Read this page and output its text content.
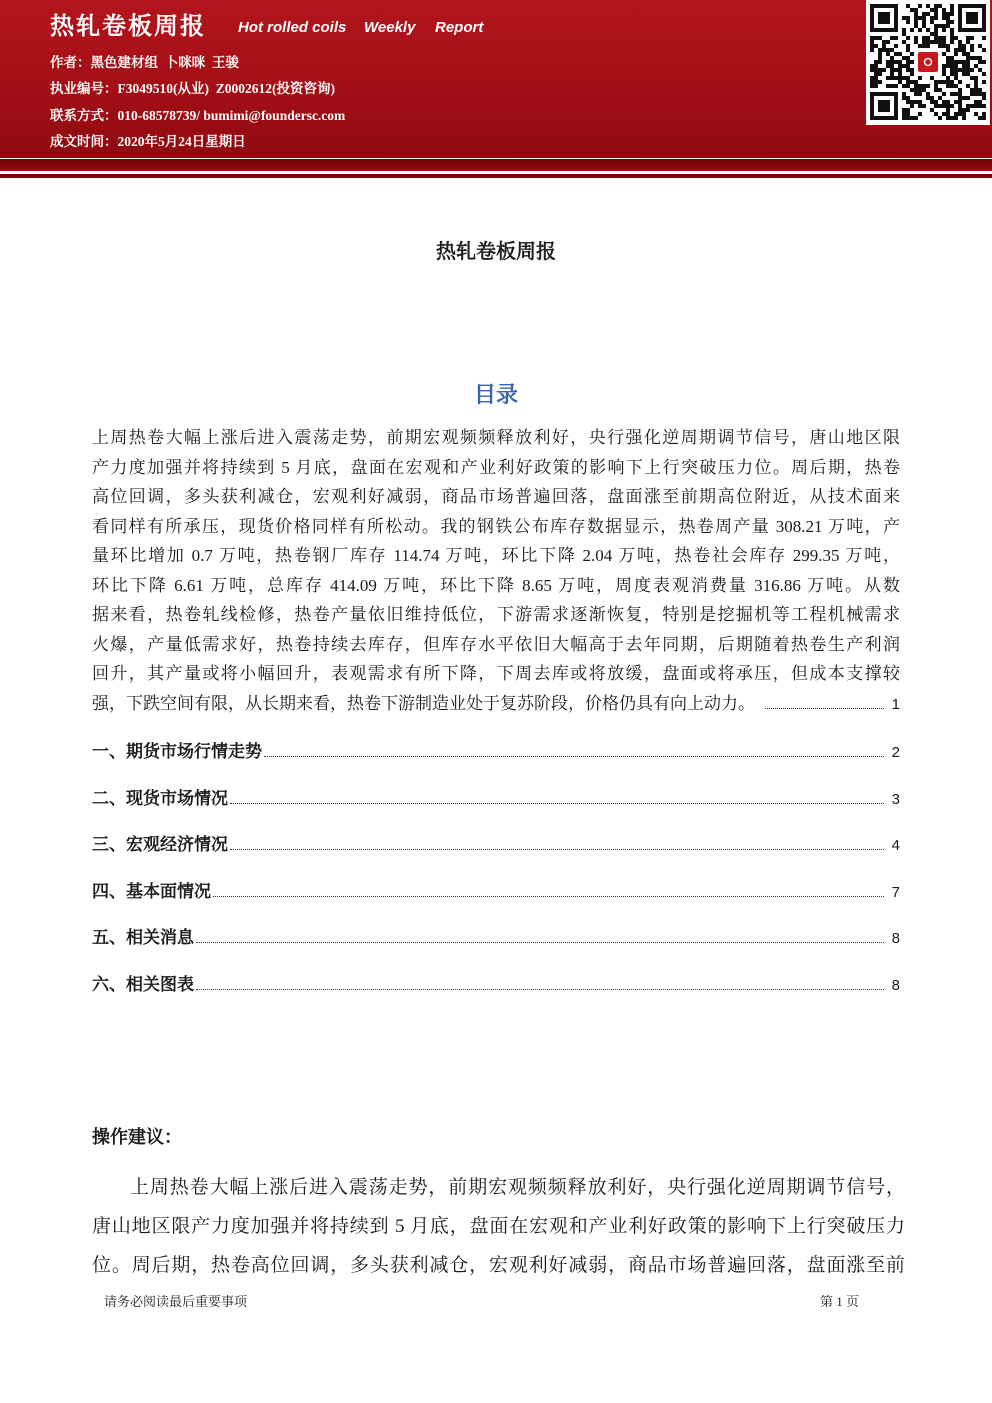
热轧卷板周报 Hot rolled coils Weekly Report
作者：黑色建材组  卜咪咪  王骏
执业编号：F3049510(从业)  Z0002612(投资咨询)
联系方式：010-68578739/ bumimi@foundersc.com
成文时间：2020年5月24日星期日
热轧卷板周报
目录
上周热卷大幅上涨后进入震荡走势，前期宏观频频释放利好，央行强化逆周期调节信号，唐山地区限
产力度加强并将持续到 5 月底，盘面在宏观和产业利好政策的影响下上行突破压力位。周后期，热卷
高位回调，多头获利减仓，宏观利好减弱，商品市场普遍回落，盘面涨至前期高位附近，从技术面来
看同样有所承压，现货价格同样有所松动。我的钢铁公布库存数据显示，热卷周产量 308.21 万吨，产
量环比增加 0.7 万吨，热卷钢厂库存 114.74 万吨，环比下降 2.04 万吨，热卷社会库存 299.35 万吨，
环比下降 6.61 万吨，总库存 414.09 万吨，环比下降 8.65 万吨，周度表观消费量 316.86 万吨。从数
据来看，热卷轧线检修，热卷产量依旧维持低位，下游需求逐渐恢复，特别是挖掘机等工程机械需求
火爆，产量低需求好，热卷持续去库存，但库存水平依旧大幅高于去年同期，后期随着热卷生产利润
回升，其产量或将小幅回升，表观需求有所下降，下周去库或将放缓，盘面或将承压，但成本支撑较
强，下跌空间有限，从长期来看，热卷下游制造业处于复苏阶段，价格仍具有向上动力。	1
一、期货市场行情走势	2
二、现货市场情况	3
三、宏观经济情况	4
四、基本面情况	7
五、相关消息	8
六、相关图表	8
操作建议：
上周热卷大幅上涨后进入震荡走势，前期宏观频频释放利好，央行强化逆周期调节信号，
唐山地区限产力度加强并将持续到 5 月底，盘面在宏观和产业利好政策的影响下上行突破压力
位。周后期，热卷高位回调，多头获利减仓，宏观利好减弱，商品市场普遍回落，盘面涨至前
请务必阅读最后重要事项	第 1 页
